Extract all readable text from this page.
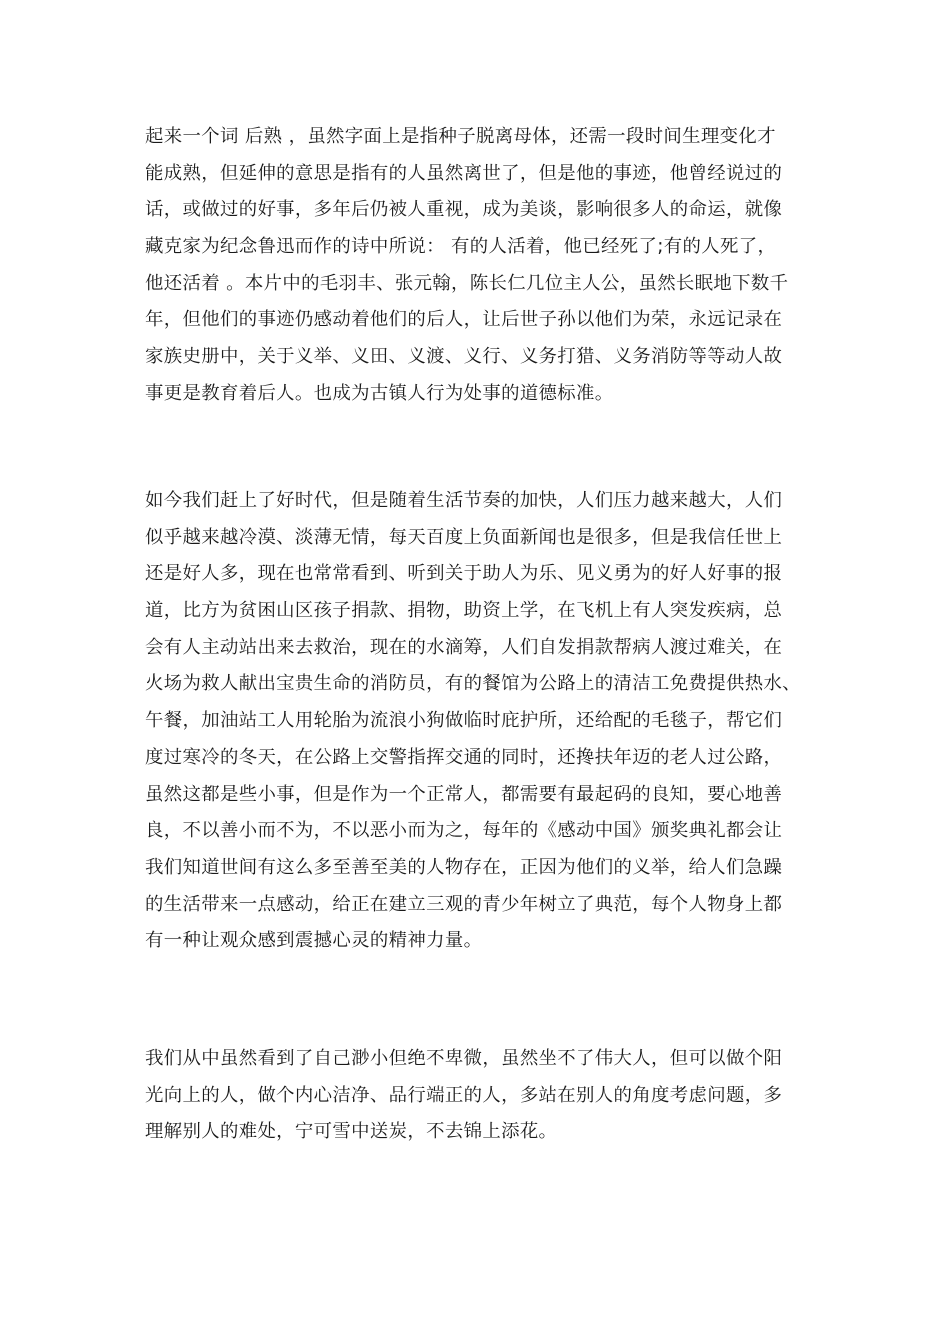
起来一个词 后熟 ，虽然字面上是指种子脱离母体，还需一段时间生理变化才
能成熟，但延伸的意思是指有的人虽然离世了，但是他的事迹，他曾经说过的
话，或做过的好事，多年后仍被人重视，成为美谈，影响很多人的命运，就像
藏克家为纪念鲁迅而作的诗中所说： 有的人活着，他已经死了;有的人死了，
他还活着 。本片中的毛羽丰、张元翰，陈长仁几位主人公，虽然长眠地下数千
年，但他们的事迹仍感动着他们的后人，让后世子孙以他们为荣，永远记录在
家族史册中，关于义举、义田、义渡、义行、义务打猎、义务消防等等动人故
事更是教育着后人。也成为古镇人行为处事的道德标准。

如今我们赶上了好时代，但是随着生活节奏的加快，人们压力越来越大，人们
似乎越来越冷漠、淡薄无情，每天百度上负面新闻也是很多，但是我信任世上
还是好人多，现在也常常看到、听到关于助人为乐、见义勇为的好人好事的报
道，比方为贫困山区孩子捐款、捐物，助资上学，在飞机上有人突发疾病，总
会有人主动站出来去救治，现在的水滴筹，人们自发捐款帮病人渡过难关，在
火场为救人献出宝贵生命的消防员，有的餐馆为公路上的清洁工免费提供热水、
午餐，加油站工人用轮胎为流浪小狗做临时庇护所，还给配的毛毯子，帮它们
度过寒冷的冬天，在公路上交警指挥交通的同时，还搀扶年迈的老人过公路，
虽然这都是些小事，但是作为一个正常人，都需要有最起码的良知，要心地善
良，不以善小而不为，不以恶小而为之，每年的《感动中国》颁奖典礼都会让
我们知道世间有这么多至善至美的人物存在，正因为他们的义举，给人们急躁
的生活带来一点感动，给正在建立三观的青少年树立了典范，每个人物身上都
有一种让观众感到震撼心灵的精神力量。

我们从中虽然看到了自己渺小但绝不卑微，虽然坐不了伟大人，但可以做个阳
光向上的人，做个内心洁净、品行端正的人，多站在别人的角度考虑问题，多
理解别人的难处，宁可雪中送炭，不去锦上添花。
